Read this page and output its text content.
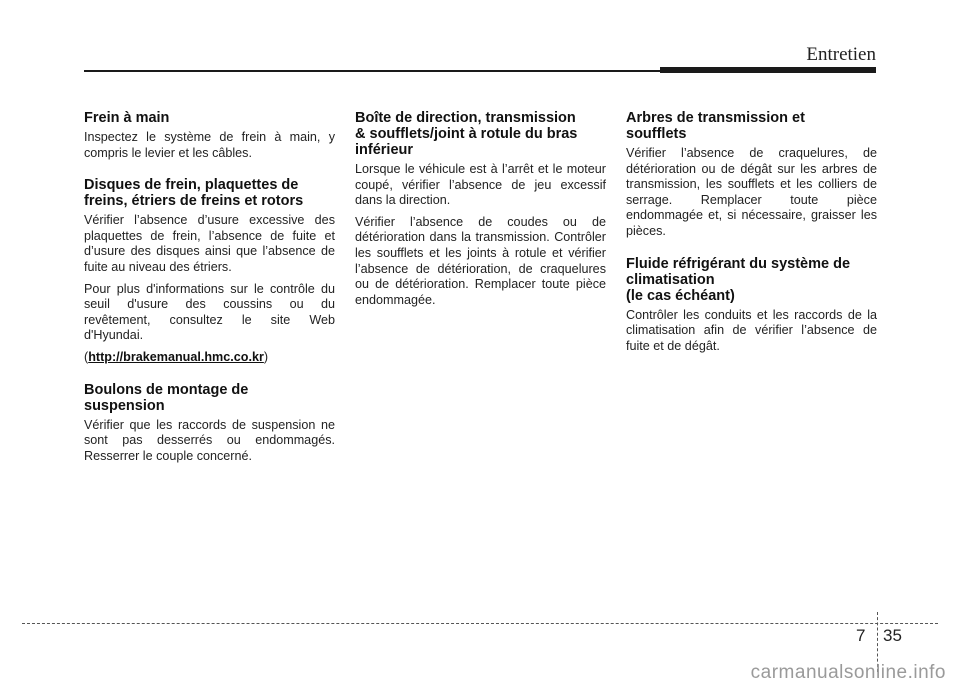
Entretien
Frein à main

Inspectez le système de frein à main, y compris le levier et les câbles.

Disques de frein, plaquettes de
freins, étriers de freins et rotors

Vérifier l’absence d’usure excessive des plaquettes de frein, l’absence de fuite et d’usure des disques ainsi que l’absence de fuite au niveau des étriers.

Pour plus d'informations sur le contrôle du seuil d'usure des coussins ou du revêtement, consultez le site Web d'Hyundai.

(http://brakemanual.hmc.co.kr)

Boulons de montage de
suspension

Vérifier que les raccords de suspension ne sont pas desserrés ou endommagés. Resserrer le couple concerné.

Boîte de direction, transmission
& soufflets/joint à rotule du bras
inférieur

Lorsque le véhicule est à l’arrêt et le moteur coupé, vérifier l’absence de jeu excessif dans la direction.

Vérifier l’absence de coudes ou de détérioration dans la transmission. Contrôler les soufflets et les joints à rotule et vérifier l’absence de détérioration, de craquelures ou de détérioration. Remplacer toute pièce endommagée.

Arbres de transmission et
soufflets

Vérifier l’absence de craquelures, de détérioration ou de dégât sur les arbres de transmission, les soufflets et les colliers de serrage. Remplacer toute pièce endommagée et, si nécessaire, graisser les pièces.

Fluide réfrigérant du système de
climatisation
(le cas échéant)

Contrôler les conduits et les raccords de la climatisation afin de vérifier l’absence de fuite et de dégât.

7 35
carmanualsonline.info
